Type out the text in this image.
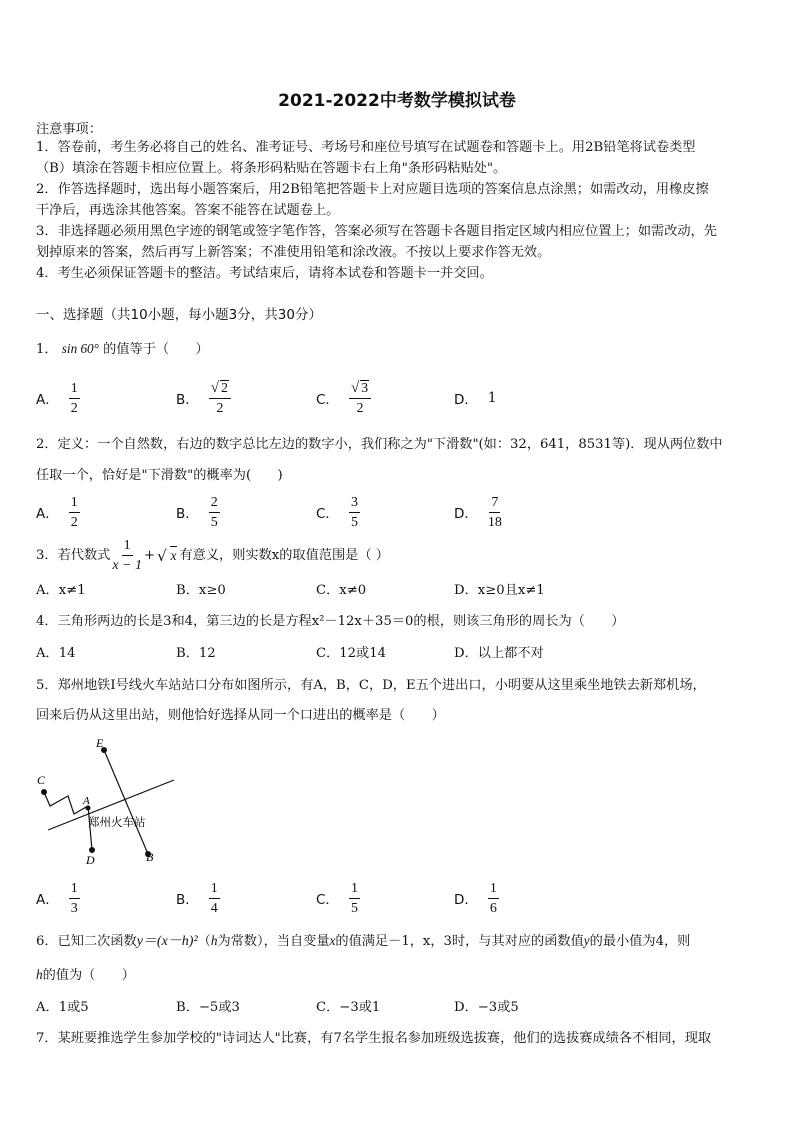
2021-2022中考数学模拟试卷
注意事项：
1．答卷前，考生务必将自己的姓名、准考证号、考场号和座位号填写在试题卷和答题卡上。用2B铅笔将试卷类型
（B）填涂在答题卡相应位置上。将条形码粘贴在答题卡右上角"条形码粘贴处"。
2．作答选择题时，选出每小题答案后，用2B铅笔把答题卡上对应题目选项的答案信息点涂黑；如需改动，用橡皮擦
干净后，再选涂其他答案。答案不能答在试题卷上。
3．非选择题必须用黑色字迹的钢笔或签字笔作答，答案必须写在答题卡各题目指定区域内相应位置上；如需改动，先
划掉原来的答案，然后再写上新答案；不准使用铅笔和涂改液。不按以上要求作答无效。
4．考生必须保证答题卡的整洁。考试结束后，请将本试卷和答题卡一并交回。
一、选择题（共10小题，每小题3分，共30分）
1． sin 60° 的值等于（　　）
A． $\frac{1}{2}$	B． $\frac{√ 2}{2}$	C． $\frac{√ 3}{2}$	D． 1
2．定义：一个自然数，右边的数字总比左边的数字小，我们称之为"下滑数"(如：32，641，8531等)．现从两位数中
任取一个，恰好是"下滑数"的概率为(　　)
A． $\frac{1}{2}$	B． $\frac{2}{5}$	C． $\frac{3}{5}$	D． $\frac{7}{18}$
3．若代数式 $\frac{1}{x - 1}$ + √ x 有意义，则实数x的取值范围是（ ）
A．x≠1	B．x≥0	C．x≠0	D．x≥0且x≠1
4．三角形两边的长是3和4，第三边的长是方程x²－12x＋35＝0的根，则该三角形的周长为（　　）
A．14	B．12	C．12或14	D．以上都不对
5．郑州地铁Ⅰ号线火车站站口分布如图所示，有A，B，C，D，E五个进出口，小明要从这里乘坐地铁去新郑机场，
回来后仍从这里出站，则他恰好选择从同一个口进出的概率是（　　）
E
C
A
D	B
郑州火车站
A． $\frac{1}{3}$	B． $\frac{1}{4}$	C． $\frac{1}{5}$	D． $\frac{1}{6}$
6．已知二次函数y＝(x－h)²（h为常数），当自变量x的值满足－1，x，3时，与其对应的函数值y的最小值为4，则
h的值为（　　）
A．1或5	B．−5或3	C．−3或1	D．−3或5
7．某班要推选学生参加学校的"诗词达人"比赛，有7名学生报名参加班级选拔赛，他们的选拔赛成绩各不相同，现取
